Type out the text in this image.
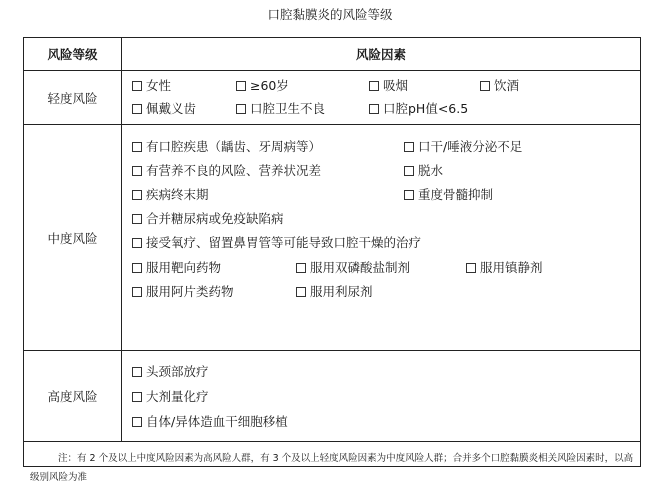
口腔黏膜炎的风险等级
风险等级	风险因素
轻度风险
女性	≥60岁	吸烟	饮酒
佩戴义齿	口腔卫生不良	口腔pH值<6.5
中度风险
有口腔疾患（龋齿、牙周病等）	口干/唾液分泌不足
有营养不良的风险、营养状况差	脱水
疾病终末期	重度骨髓抑制
合并糖尿病或免疫缺陷病
接受氧疗、留置鼻胃管等可能导致口腔干燥的治疗
服用靶向药物	服用双磷酸盐制剂	服用镇静剂
服用阿片类药物	服用利尿剂
高度风险
头颈部放疗
大剂量化疗
自体/异体造血干细胞移植
注：有 2 个及以上中度风险因素为高风险人群，有 3 个及以上轻度风险因素为中度风险人群；合并多个口腔黏膜炎相关风险因素时，以高级别风险为准
